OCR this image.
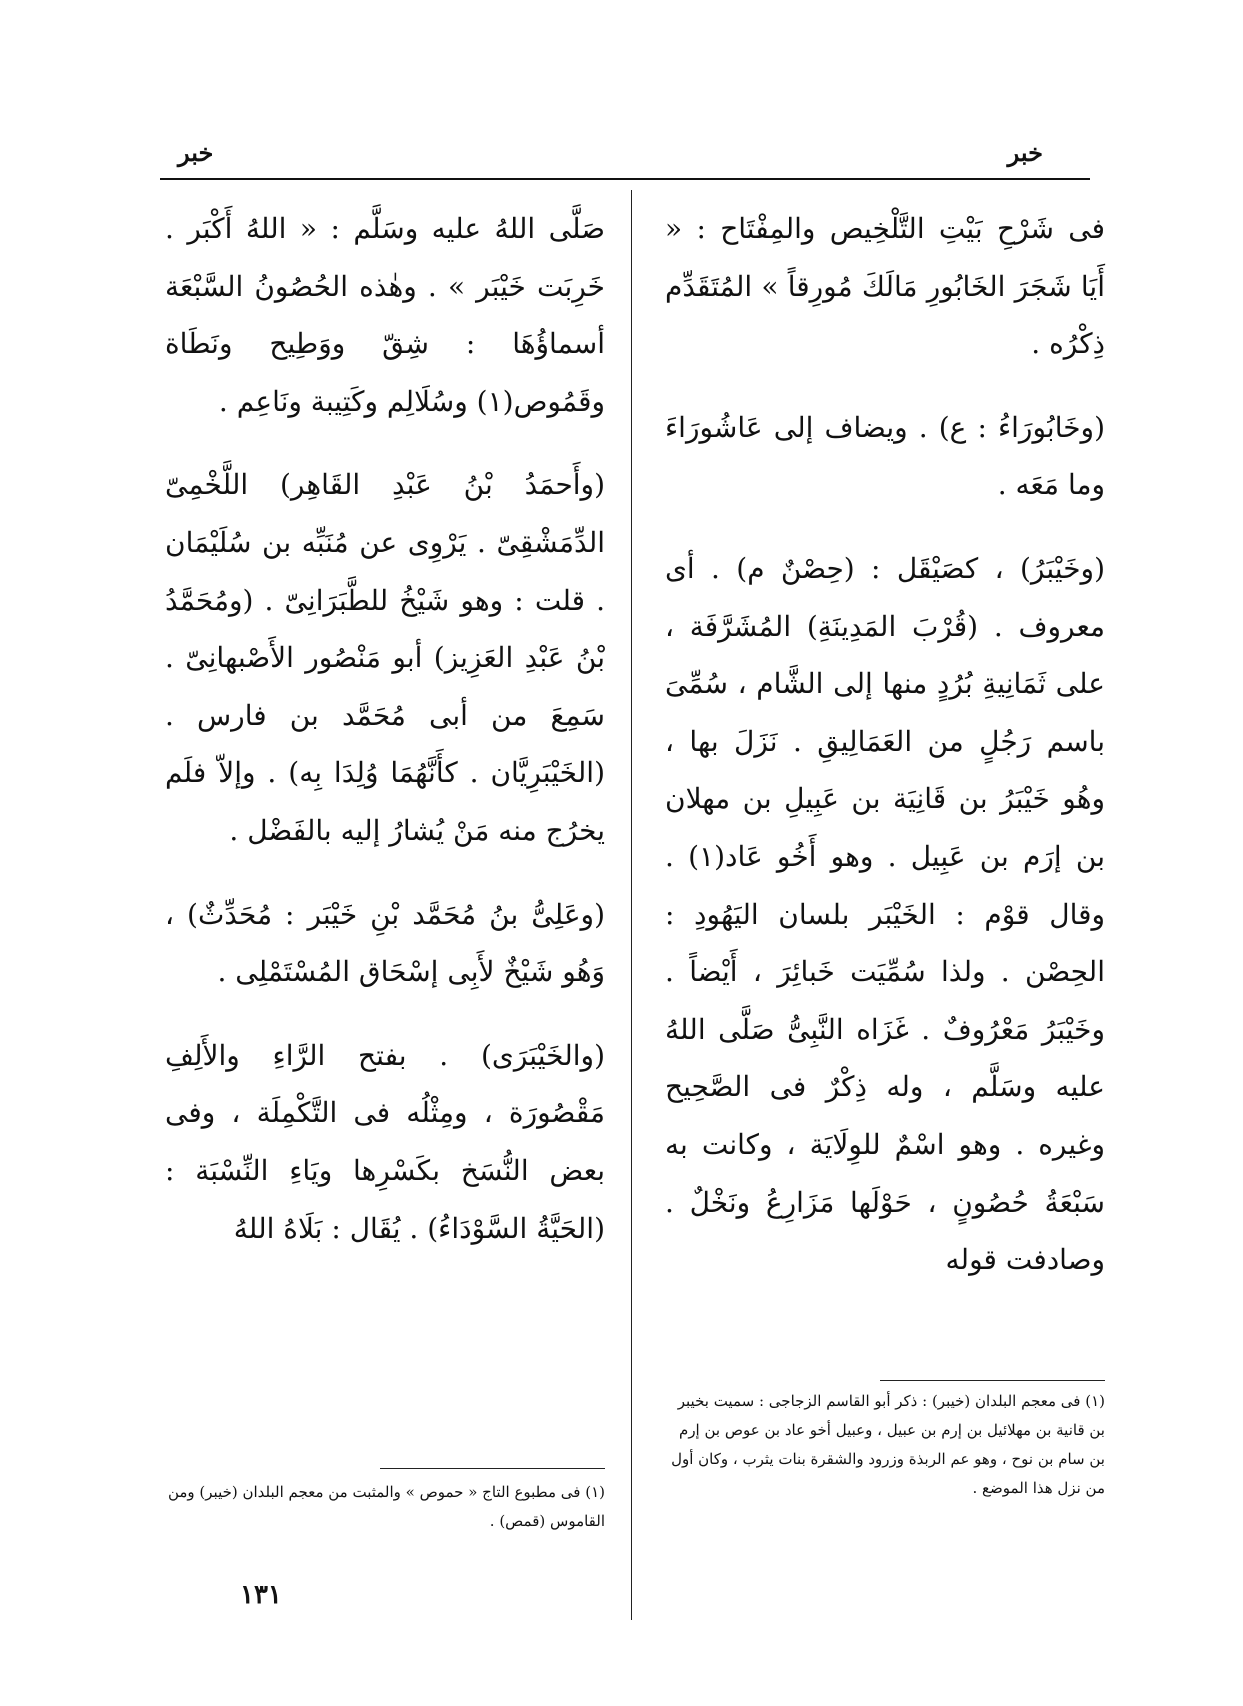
خبر
خبر

فى شَرْحِ بَيْتِ التَّلْخِيص والمِفْتَاح : « أَيَا شَجَرَ الخَابُورِ مَالَكَ مُورِقاً » المُتَقَدِّم ذِكْرُه .

(وخَابُورَاءُ : ع) . ويضاف إلى عَاشُورَاءَ وما مَعَه .

(وخَيْبَرُ) ، كصَيْقَل : (حِصْنٌ م) . أى معروف . (قُرْبَ المَدِينَةِ) المُشَرَّفَة ، على ثَمَانِيةِ بُرُدٍ منها إلى الشَّام ، سُمِّىَ باسم رَجُلٍ من العَمَالِيقِ . نَزَلَ بها ، وهُو خَيْبَرُ بن قَانِيَة بن عَبِيلِ بن مهلان بن إرَم بن عَبِيل . وهو أَخُو عَاد(١) . وقال قوْم : الخَيْبَر بلسان اليَهُودِ : الحِصْن . ولذا سُمِّيَت خَبائِرَ ، أَيْضاً . وخَيْبَرُ مَعْرُوفٌ . غَزَاه النَّبِىُّ صَلَّى اللهُ عليه وسَلَّم ، وله ذِكْرٌ فى الصَّحِيح وغيره . وهو اسْمٌ للوِلَايَة ، وكانت به سَبْعَةُ حُصُونٍ ، حَوْلَها مَزَارِعُ ونَخْلٌ . وصادفت قوله

صَلَّى اللهُ عليه وسَلَّم : « اللهُ أَكْبَر . خَرِبَت خَيْبَر » . وهٰذه الحُصُونُ السَّبْعَة أسماؤُهَا : شِقّ ووَطِيح ونَطَاة وقَمُوص(١) وسُلَالِم وكَتِيبة ونَاعِم .

(وأَحمَدُ بْنُ عَبْدِ القَاهِر) اللَّخْمِىّ الدِّمَشْقِىّ . يَرْوِى عن مُنَبِّه بن سُلَيْمَان . قلت : وهو شَيْخُ للطَّبَرَانِىّ . (ومُحَمَّدُ بْنُ عَبْدِ العَزِيز) أبو مَنْصُور الأَصْبهانِىّ . سَمِعَ من أبى مُحَمَّد بن فارس . (الخَيْبَرِيَّان . كأَنَّهُمَا وُلِدَا بِه) . وإلاّ فلَم يخرُج منه مَنْ يُشارُ إليه بالفَضْل .

(وعَلِىُّ بنُ مُحَمَّد بْنِ خَيْبَر : مُحَدِّثٌ) ، وَهُو شَيْخٌ لأَبِى إسْحَاق المُسْتَمْلِى .

(والخَيْبَرَى) . بفتح الرَّاءِ والأَلِفِ مَقْصُورَة ، ومِثْلُه فى التَّكْمِلَة ، وفى بعض النُّسَخ بكَسْرِها ويَاءِ النِّسْبَة : (الحَيَّةُ السَّوْدَاءُ) . يُقَال : بَلَاهُ اللهُ

(١) فى معجم البلدان (خيبر) : ذكر أبو القاسم الزجاجى : سميت بخيبر بن قانية بن مهلائيل بن إرم بن عبيل ، وعبيل أخو عاد بن عوص بن إرم بن سام بن نوح ، وهو عم الربذة وزرود والشقرة بنات يثرب ، وكان أول من نزل هذا الموضع .

(١) فى مطبوع التاج « حموص » والمثبت من معجم البلدان (خيبر) ومن القاموس (قمص) .

١٣١
